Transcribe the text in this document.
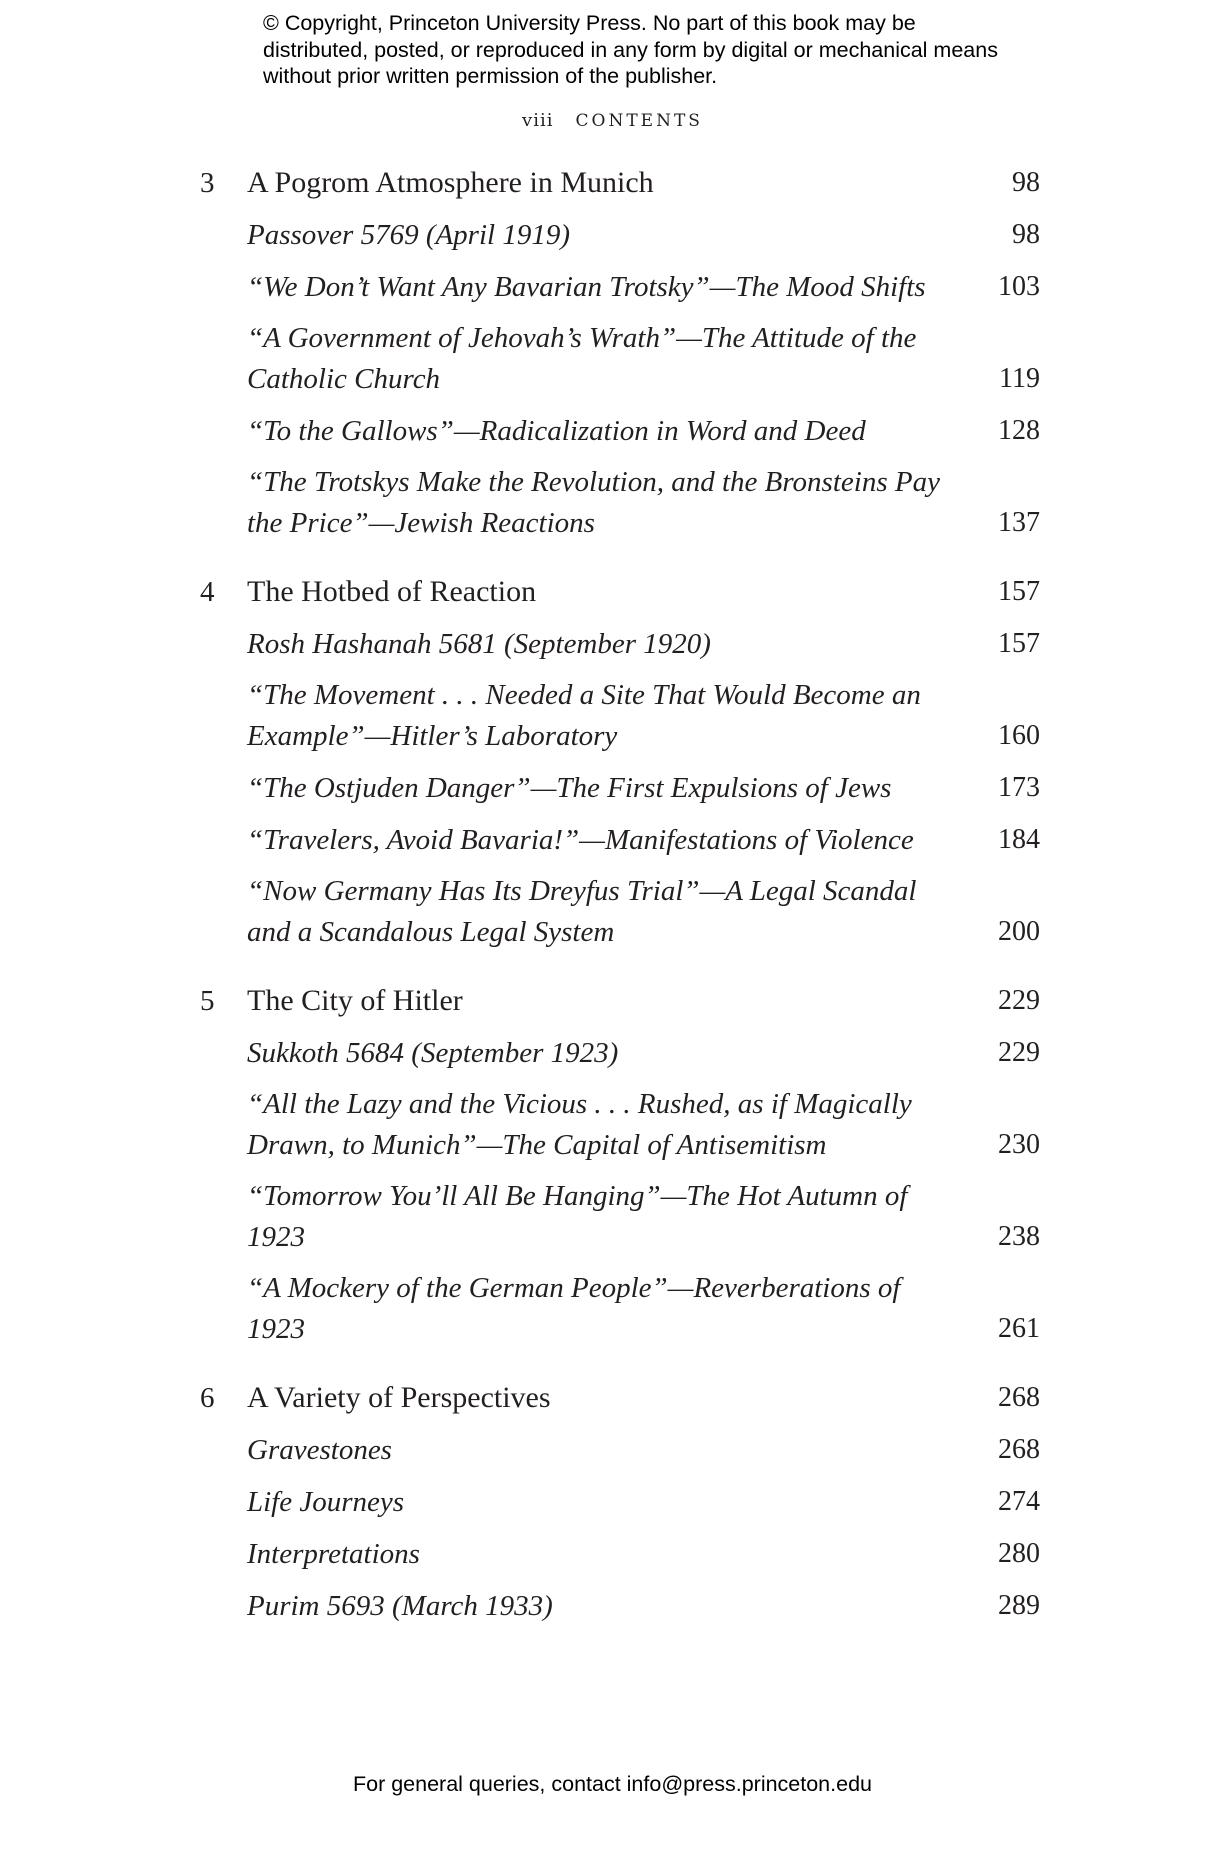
© Copyright, Princeton University Press. No part of this book may be distributed, posted, or reproduced in any form by digital or mechanical means without prior written permission of the publisher.
viii CONTENTS
3	A Pogrom Atmosphere in Munich	98
Passover 5769 (April 1919)	98
“We Don’t Want Any Bavarian Trotsky”—The Mood Shifts	103
“A Government of Jehovah’s Wrath”—The Attitude of the Catholic Church	119
“To the Gallows”—Radicalization in Word and Deed	128
“The Trotskys Make the Revolution, and the Bronsteins Pay the Price”—Jewish Reactions	137
4	The Hotbed of Reaction	157
Rosh Hashanah 5681 (September 1920)	157
“The Movement . . . Needed a Site That Would Become an Example”—Hitler’s Laboratory	160
“The Ostjuden Danger”—The First Expulsions of Jews	173
“Travelers, Avoid Bavaria!”—Manifestations of Violence	184
“Now Germany Has Its Dreyfus Trial”—A Legal Scandal and a Scandalous Legal System	200
5	The City of Hitler	229
Sukkoth 5684 (September 1923)	229
“All the Lazy and the Vicious . . . Rushed, as if Magically Drawn, to Munich”—The Capital of Antisemitism	230
“Tomorrow You’ll All Be Hanging”—The Hot Autumn of 1923	238
“A Mockery of the German People”—Reverberations of 1923	261
6	A Variety of Perspectives	268
Gravestones	268
Life Journeys	274
Interpretations	280
Purim 5693 (March 1933)	289
For general queries, contact info@press.princeton.edu
